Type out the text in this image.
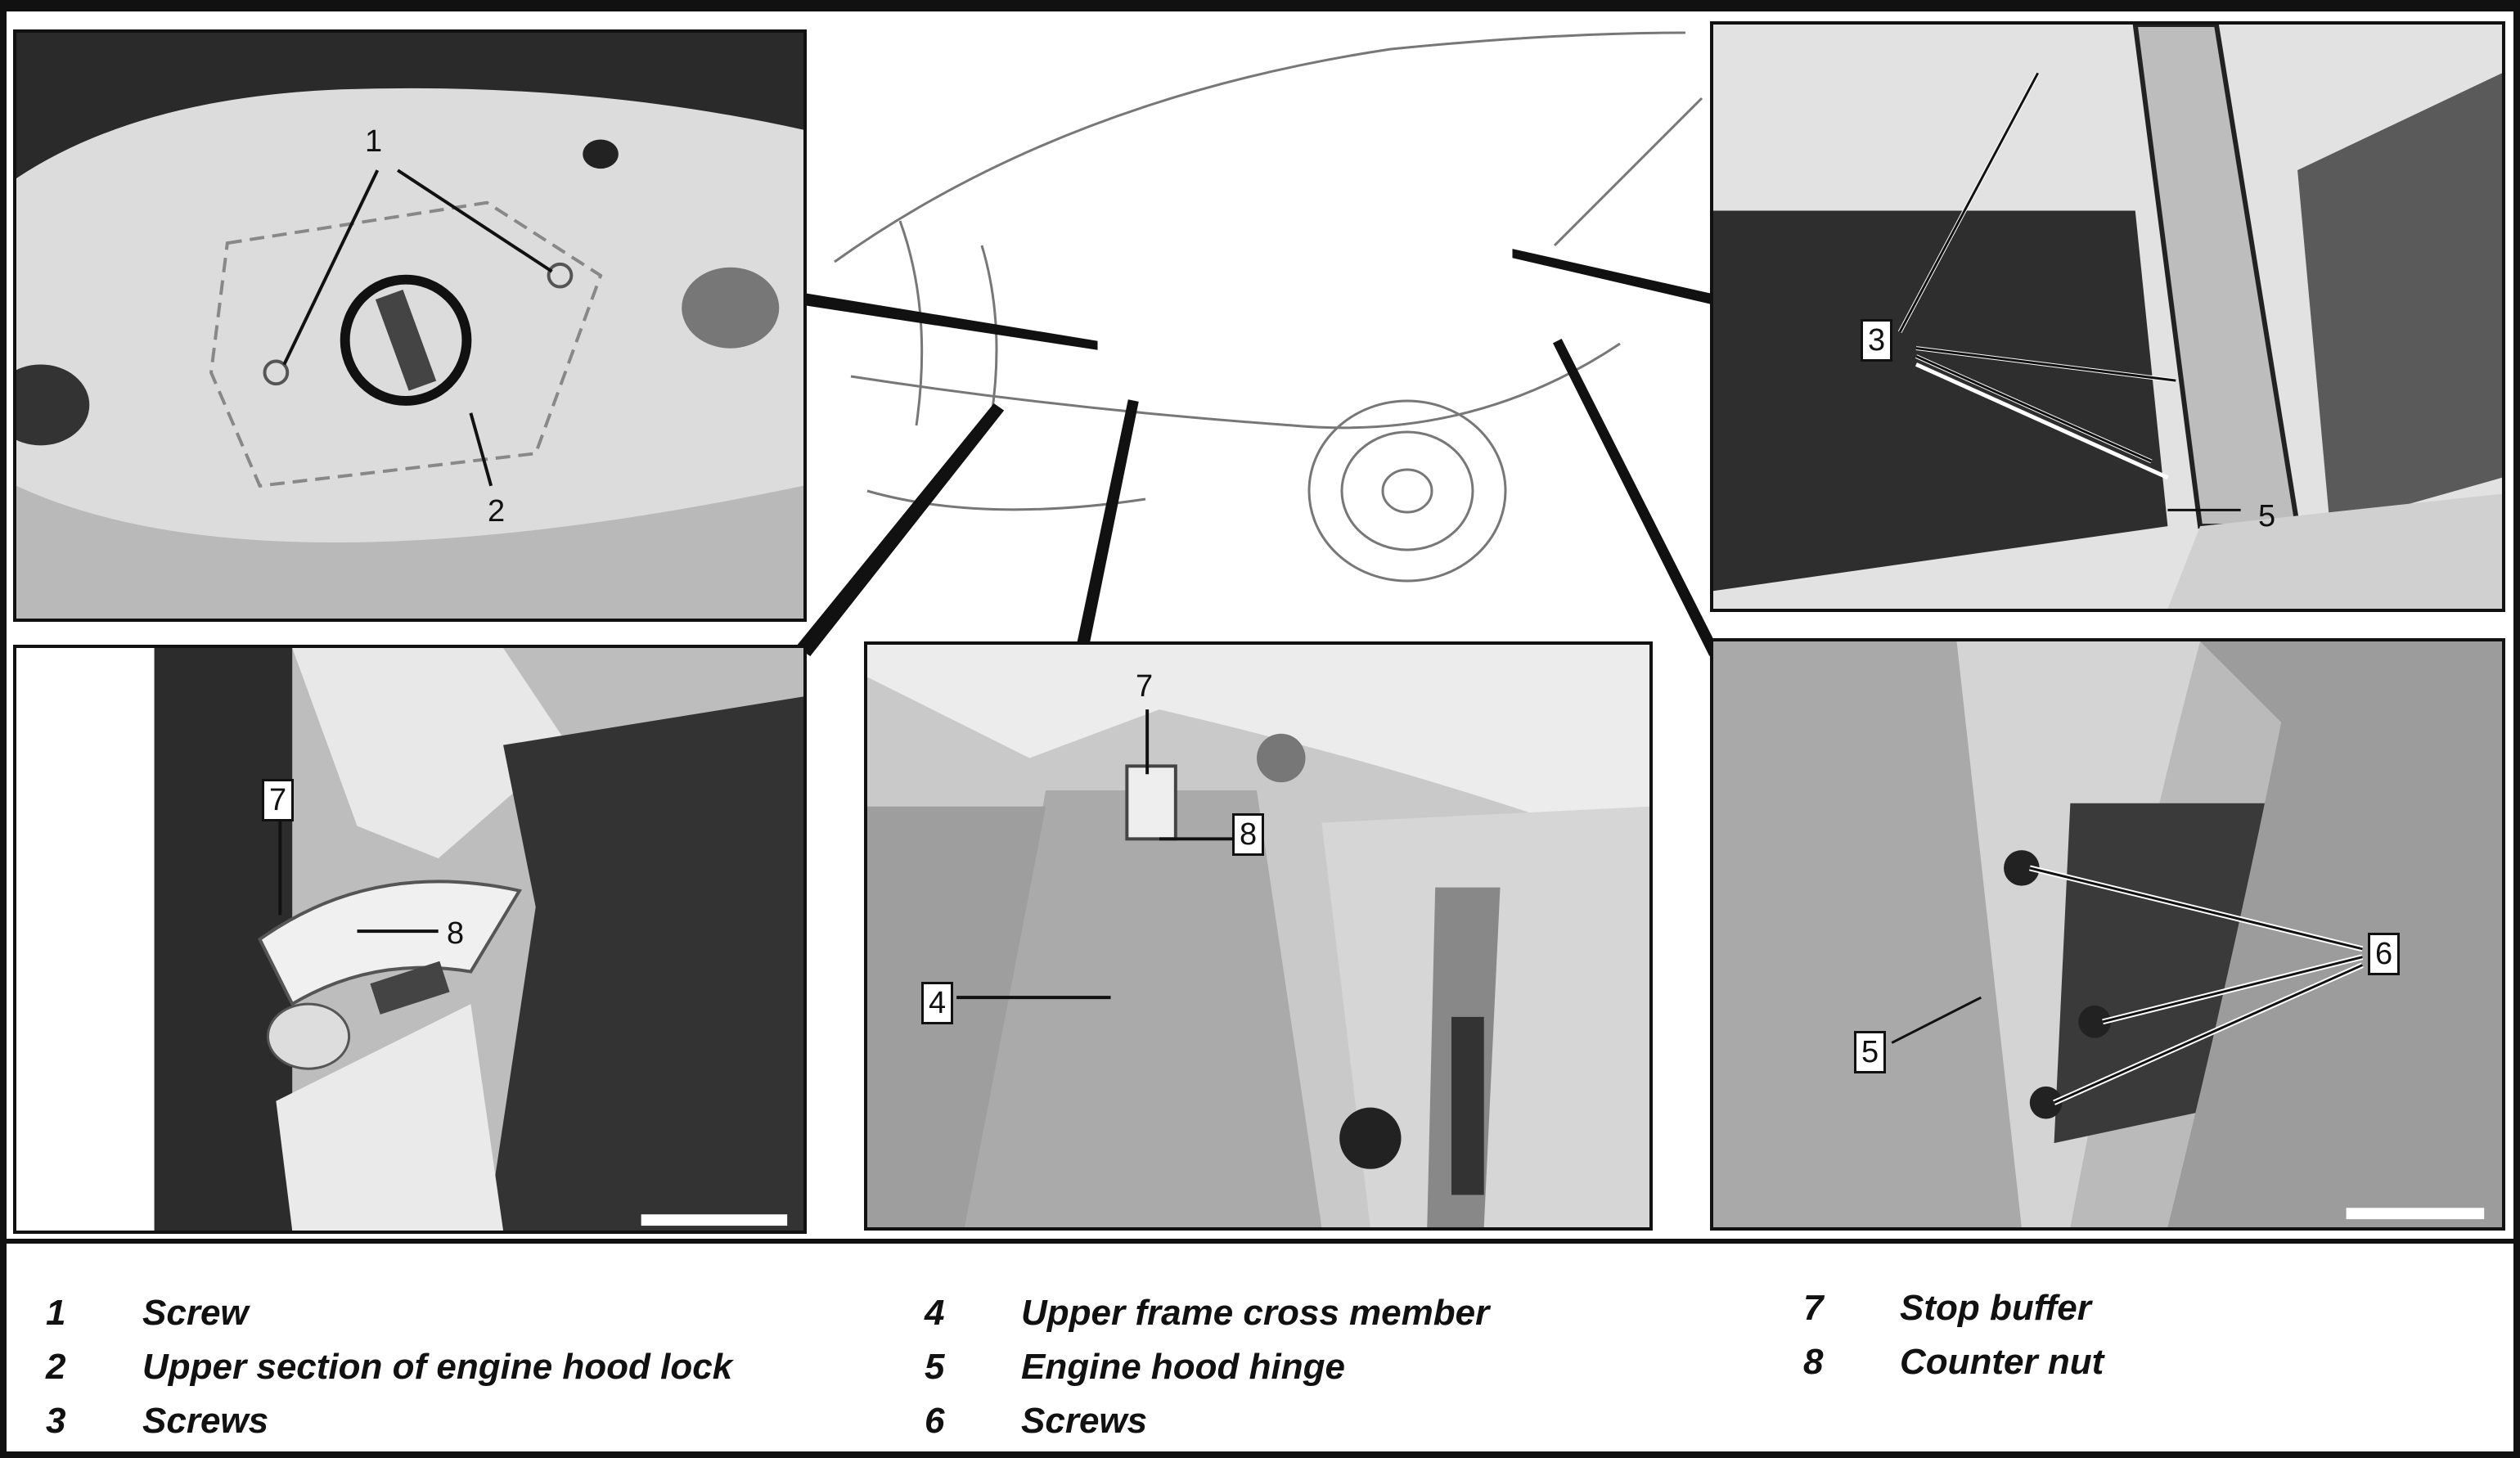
1
2
3
5
7
8
7
8
4
6
5
1 Screw
2 Upper section of engine hood lock
3 Screws
4 Upper frame cross member
5 Engine hood hinge
6 Screws
7 Stop buffer
8 Counter nut
